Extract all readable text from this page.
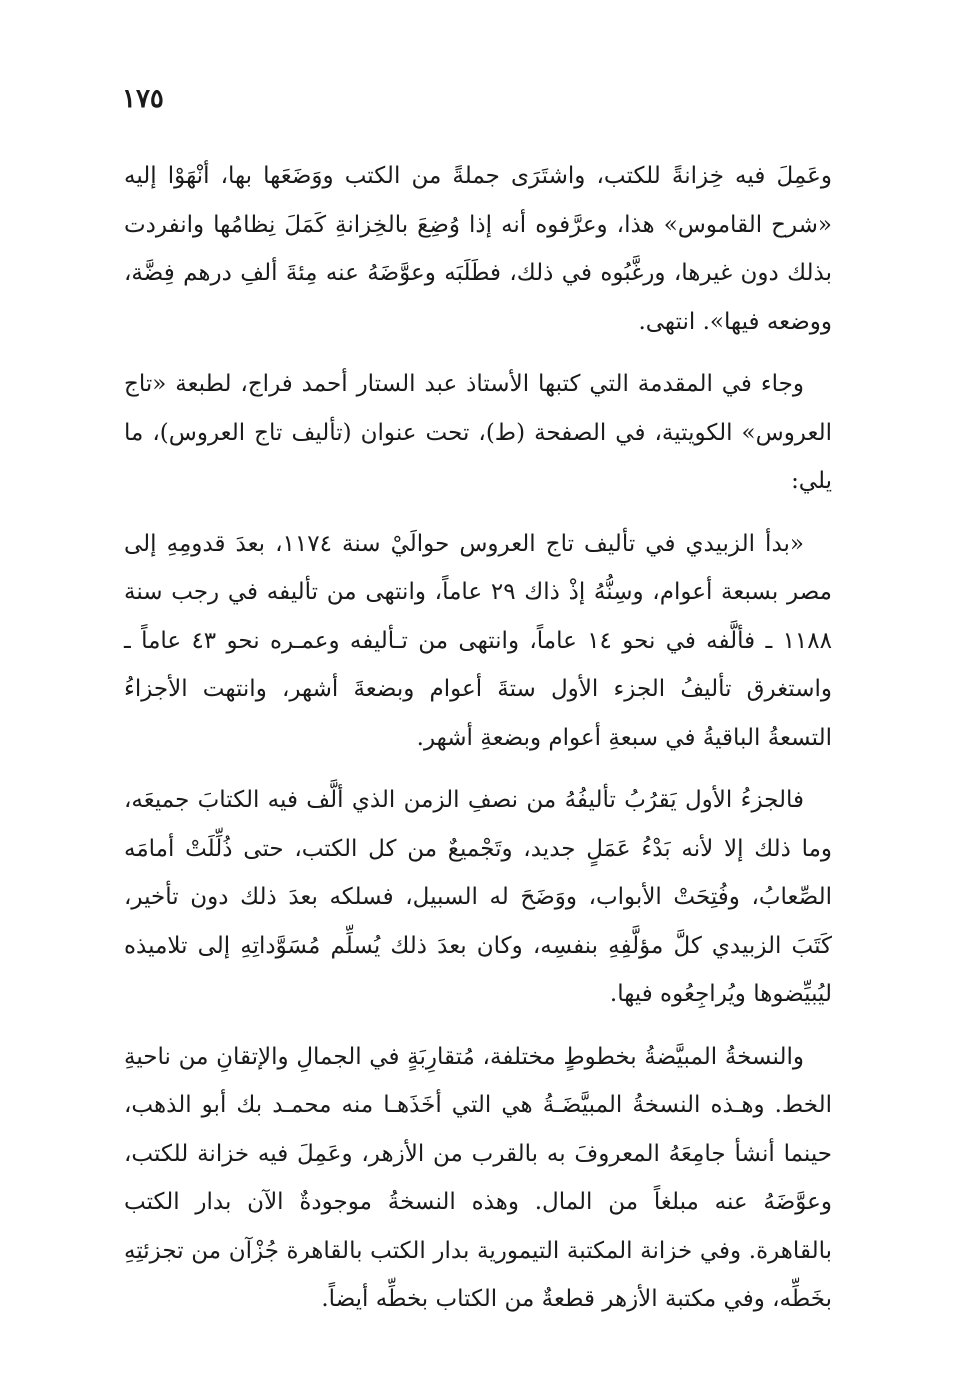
١٧٥

وعَمِلَ فيه خِزانةً للكتب، واشتَرَى جملةً من الكتب ووَضَعَها بها، أنْهَوْا إليه «شرح القاموس» هذا، وعرَّفوه أنه إذا وُضِعَ بالخِزانةِ كَمَلَ نِظامُها وانفردت بذلك دون غيرها، ورغَّبُوه في ذلك، فطَلَبَه وعوَّضَهُ عنه مِئةَ ألفِ درهم فِضَّة، ووضعه فيها». انتهى.

وجاء في المقدمة التي كتبها الأستاذ عبد الستار أحمد فراج، لطبعة «تاج العروس» الكويتية، في الصفحة (ط)، تحت عنوان (تأليف تاج العروس)، ما يلي:

«بدأ الزبيدي في تأليف تاج العروس حوالَيْ سنة ١١٧٤، بعدَ قدومِهِ إلى مصر بسبعة أعوام، وسِنُّهُ إذْ ذاك ٢٩ عاماً، وانتهى من تأليفه في رجب سنة ١١٨٨ ـ فألَّفه في نحو ١٤ عاماً، وانتهى من تـأليفه وعمـره نحو ٤٣ عاماً ـ واستغرق تأليفُ الجزء الأول ستةَ أعوام وبضعةَ أشهر، وانتهت الأجزاءُ التسعةُ الباقيةُ في سبعةِ أعوام وبضعةِ أشهر.

فالجزءُ الأول يَقرُبُ تأليفُهُ من نصفِ الزمن الذي ألَّف فيه الكتابَ جميعَه، وما ذلك إلا لأنه بَدْءُ عَمَلٍ جديد، وتَجْميعٌ من كل الكتب، حتى ذُلِّلَتْ أمامَه الصِّعابُ، وفُتِحَتْ الأبواب، ووَضَحَ له السبيل، فسلكه بعدَ ذلك دون تأخير، كَتَبَ الزبيدي كلَّ مؤلَّفِهِ بنفسِه، وكان بعدَ ذلك يُسلِّم مُسَوَّداتِهِ إلى تلاميذه ليُبيِّضوها ويُراجِعُوه فيها.

والنسخةُ المبيَّضةُ بخطوطٍ مختلفة، مُتقارِبَةٍ في الجمالِ والإتقانِ من ناحيةِ الخط. وهـذه النسخةُ المبيَّضَـةُ هي التي أخَذَهـا منه محمـد بك أبو الذهب، حينما أنشأ جامِعَهُ المعروفَ به بالقرب من الأزهر، وعَمِلَ فيه خزانة للكتب، وعوَّضَهُ عنه مبلغاً من المال. وهذه النسخةُ موجودةٌ الآن بدار الكتب بالقاهرة. وفي خزانة المكتبة التيمورية بدار الكتب بالقاهرة جُزْآن من تجزئتِهِ بخَطِّه، وفي مكتبة الأزهر قطعةٌ من الكتاب بخطِّه أيضاً.
